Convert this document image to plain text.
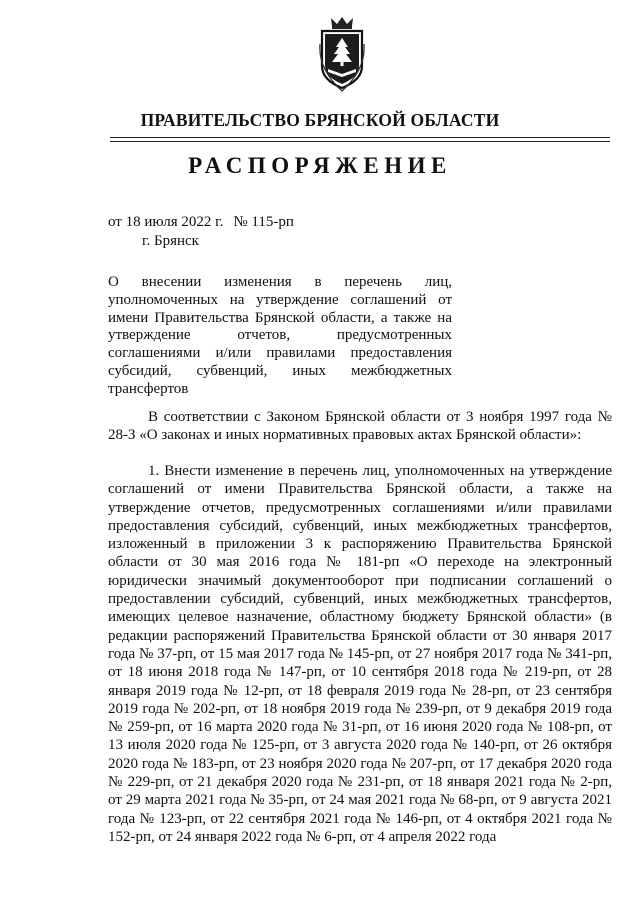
ПРАВИТЕЛЬСТВО БРЯНСКОЙ ОБЛАСТИ
РАСПОРЯЖЕНИЕ
от 18 июля 2022 г. № 115-рп
г. Брянск
О внесении изменения в перечень лиц, уполномоченных на утверждение соглашений от имени Правительства Брянской области, а также на утверждение отчетов, предусмотренных соглашениями и/или правилами предоставления субсидий, субвенций, иных межбюджетных трансфертов
В соответствии с Законом Брянской области от 3 ноября 1997 года № 28-З «О законах и иных нормативных правовых актах Брянской области»:
1. Внести изменение в перечень лиц, уполномоченных на утверждение соглашений от имени Правительства Брянской области, а также на утверждение отчетов, предусмотренных соглашениями и/или правилами предоставления субсидий, субвенций, иных межбюджетных трансфертов, изложенный в приложении 3 к распоряжению Правительства Брянской области от 30 мая 2016 года № 181-рп «О переходе на электронный юридически значимый документооборот при подписании соглашений о предоставлении субсидий, субвенций, иных межбюджетных трансфертов, имеющих целевое назначение, областному бюджету Брянской области» (в редакции распоряжений Правительства Брянской области от 30 января 2017 года № 37-рп, от 15 мая 2017 года № 145-рп, от 27 ноября 2017 года № 341-рп, от 18 июня 2018 года № 147-рп, от 10 сентября 2018 года № 219-рп, от 28 января 2019 года № 12-рп, от 18 февраля 2019 года № 28-рп, от 23 сентября 2019 года № 202-рп, от 18 ноября 2019 года № 239-рп, от 9 декабря 2019 года № 259-рп, от 16 марта 2020 года № 31-рп, от 16 июня 2020 года № 108-рп, от 13 июля 2020 года № 125-рп, от 3 августа 2020 года № 140-рп, от 26 октября 2020 года № 183-рп, от 23 ноября 2020 года № 207-рп, от 17 декабря 2020 года № 229-рп, от 21 декабря 2020 года № 231-рп, от 18 января 2021 года № 2-рп, от 29 марта 2021 года № 35-рп, от 24 мая 2021 года № 68-рп, от 9 августа 2021 года № 123-рп, от 22 сентября 2021 года № 146-рп, от 4 октября 2021 года № 152-рп, от 24 января 2022 года № 6-рп, от 4 апреля 2022 года
